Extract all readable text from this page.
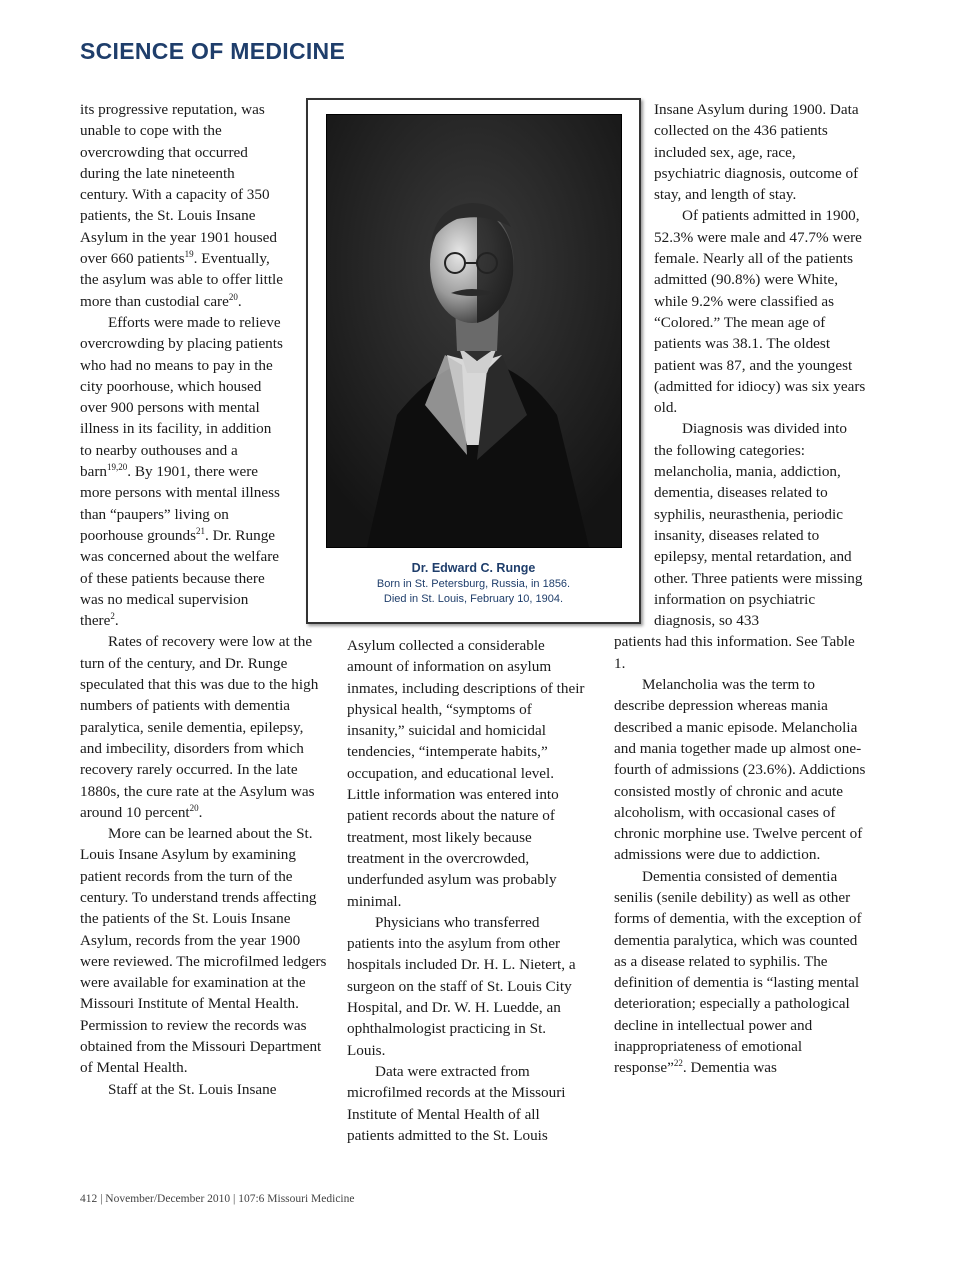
SCIENCE OF MEDICINE

its progressive reputation, was unable to cope with the overcrowding that occurred during the late nineteenth century. With a capacity of 350 patients, the St. Louis Insane Asylum in the year 1901 housed over 660 patients$^{19}$. Eventually, the asylum was able to offer little more than custodial care$^{20}$.

Efforts were made to relieve overcrowding by placing patients who had no means to pay in the city poorhouse, which housed over 900 persons with mental illness in its facility, in addition to nearby outhouses and a barn$^{19,20}$. By 1901, there were more persons with mental illness than “paupers” living on poorhouse grounds$^{21}$. Dr. Runge was concerned about the welfare of these patients because there was no medical supervision there$^2$.

Rates of recovery were low at the turn of the century, and Dr. Runge speculated that this was due to the high numbers of patients with dementia paralytica, senile dementia, epilepsy, and imbecility, disorders from which recovery rarely occurred. In the late 1880s, the cure rate at the Asylum was around 10 percent$^{20}$.

More can be learned about the St. Louis Insane Asylum by examining patient records from the turn of the century. To understand trends affecting the patients of the St. Louis Insane Asylum, records from the year 1900 were reviewed. The microfilmed ledgers were available for examination at the Missouri Institute of Mental Health. Permission to review the records was obtained from the Missouri Department of Mental Health.

Staff at the St. Louis Insane

Dr. Edward C. Runge
Born in St. Petersburg, Russia, in 1856.
Died in St. Louis, February 10, 1904.

Asylum collected a considerable amount of information on asylum inmates, including descriptions of their physical health, “symptoms of insanity,” suicidal and homicidal tendencies, “intemperate habits,” occupation, and educational level. Little information was entered into patient records about the nature of treatment, most likely because treatment in the overcrowded, underfunded asylum was probably minimal.

Physicians who transferred patients into the asylum from other hospitals included Dr. H. L. Nietert, a surgeon on the staff of St. Louis City Hospital, and Dr. W. H. Luedde, an ophthalmologist practicing in St. Louis.

Data were extracted from microfilmed records at the Missouri Institute of Mental Health of all patients admitted to the St. Louis

Insane Asylum during 1900. Data collected on the 436 patients included sex, age, race, psychiatric diagnosis, outcome of stay, and length of stay.

Of patients admitted in 1900, 52.3% were male and 47.7% were female. Nearly all of the patients admitted (90.8%) were White, while 9.2% were classified as “Colored.” The mean age of patients was 38.1. The oldest patient was 87, and the youngest (admitted for idiocy) was six years old.

Diagnosis was divided into the following categories: melancholia, mania, addiction, dementia, diseases related to syphilis, neurasthenia, periodic insanity, diseases related to epilepsy, mental retardation, and other. Three patients were missing information on psychiatric diagnosis, so 433

patients had this information. See Table 1.

Melancholia was the term to describe depression whereas mania described a manic episode. Melancholia and mania together made up almost one-fourth of admissions (23.6%). Addictions consisted mostly of chronic and acute alcoholism, with occasional cases of chronic morphine use. Twelve percent of admissions were due to addiction.

Dementia consisted of dementia senilis (senile debility) as well as other forms of dementia, with the exception of dementia paralytica, which was counted as a disease related to syphilis. The definition of dementia is “lasting mental deterioration; especially a pathological decline in intellectual power and inappropriateness of emotional response”$^{22}$. Dementia was

412 | November/December 2010 | 107:6 Missouri Medicine
